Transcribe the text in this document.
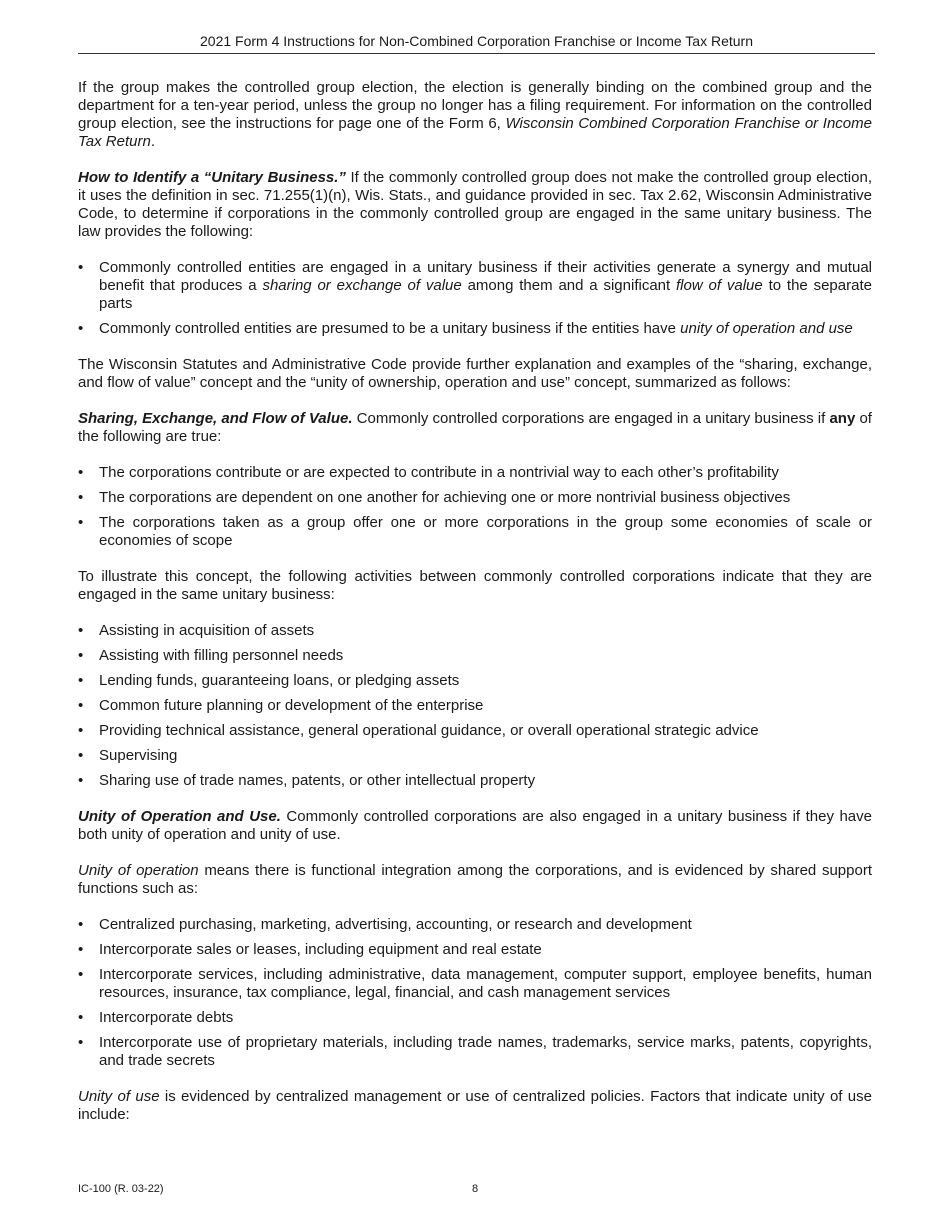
2021 Form 4 Instructions for Non-Combined Corporation Franchise or Income Tax Return

If the group makes the controlled group election, the election is generally binding on the combined group and the department for a ten-year period, unless the group no longer has a filing requirement. For information on the controlled group election, see the instructions for page one of the Form 6, Wisconsin Combined Corporation Franchise or Income Tax Return.

How to Identify a “Unitary Business.” If the commonly controlled group does not make the controlled group election, it uses the definition in sec. 71.255(1)(n), Wis. Stats., and guidance provided in sec. Tax 2.62, Wisconsin Administrative Code, to determine if corporations in the commonly controlled group are engaged in the same unitary business. The law provides the following:

• Commonly controlled entities are engaged in a unitary business if their activities generate a synergy and mutual benefit that produces a sharing or exchange of value among them and a significant flow of value to the separate parts
• Commonly controlled entities are presumed to be a unitary business if the entities have unity of operation and use

The Wisconsin Statutes and Administrative Code provide further explanation and examples of the “sharing, exchange, and flow of value” concept and the “unity of ownership, operation and use” concept, summarized as follows:

Sharing, Exchange, and Flow of Value. Commonly controlled corporations are engaged in a unitary business if any of the following are true:

• The corporations contribute or are expected to contribute in a nontrivial way to each other’s profitability
• The corporations are dependent on one another for achieving one or more nontrivial business objectives
• The corporations taken as a group offer one or more corporations in the group some economies of scale or economies of scope

To illustrate this concept, the following activities between commonly controlled corporations indicate that they are engaged in the same unitary business:

• Assisting in acquisition of assets
• Assisting with filling personnel needs
• Lending funds, guaranteeing loans, or pledging assets
• Common future planning or development of the enterprise
• Providing technical assistance, general operational guidance, or overall operational strategic advice
• Supervising
• Sharing use of trade names, patents, or other intellectual property

Unity of Operation and Use. Commonly controlled corporations are also engaged in a unitary business if they have both unity of operation and unity of use.

Unity of operation means there is functional integration among the corporations, and is evidenced by shared support functions such as:

• Centralized purchasing, marketing, advertising, accounting, or research and development
• Intercorporate sales or leases, including equipment and real estate
• Intercorporate services, including administrative, data management, computer support, employee benefits, human resources, insurance, tax compliance, legal, financial, and cash management services
• Intercorporate debts
• Intercorporate use of proprietary materials, including trade names, trademarks, service marks, patents, copyrights, and trade secrets

Unity of use is evidenced by centralized management or use of centralized policies. Factors that indicate unity of use include:

IC-100 (R. 03-22)	8
